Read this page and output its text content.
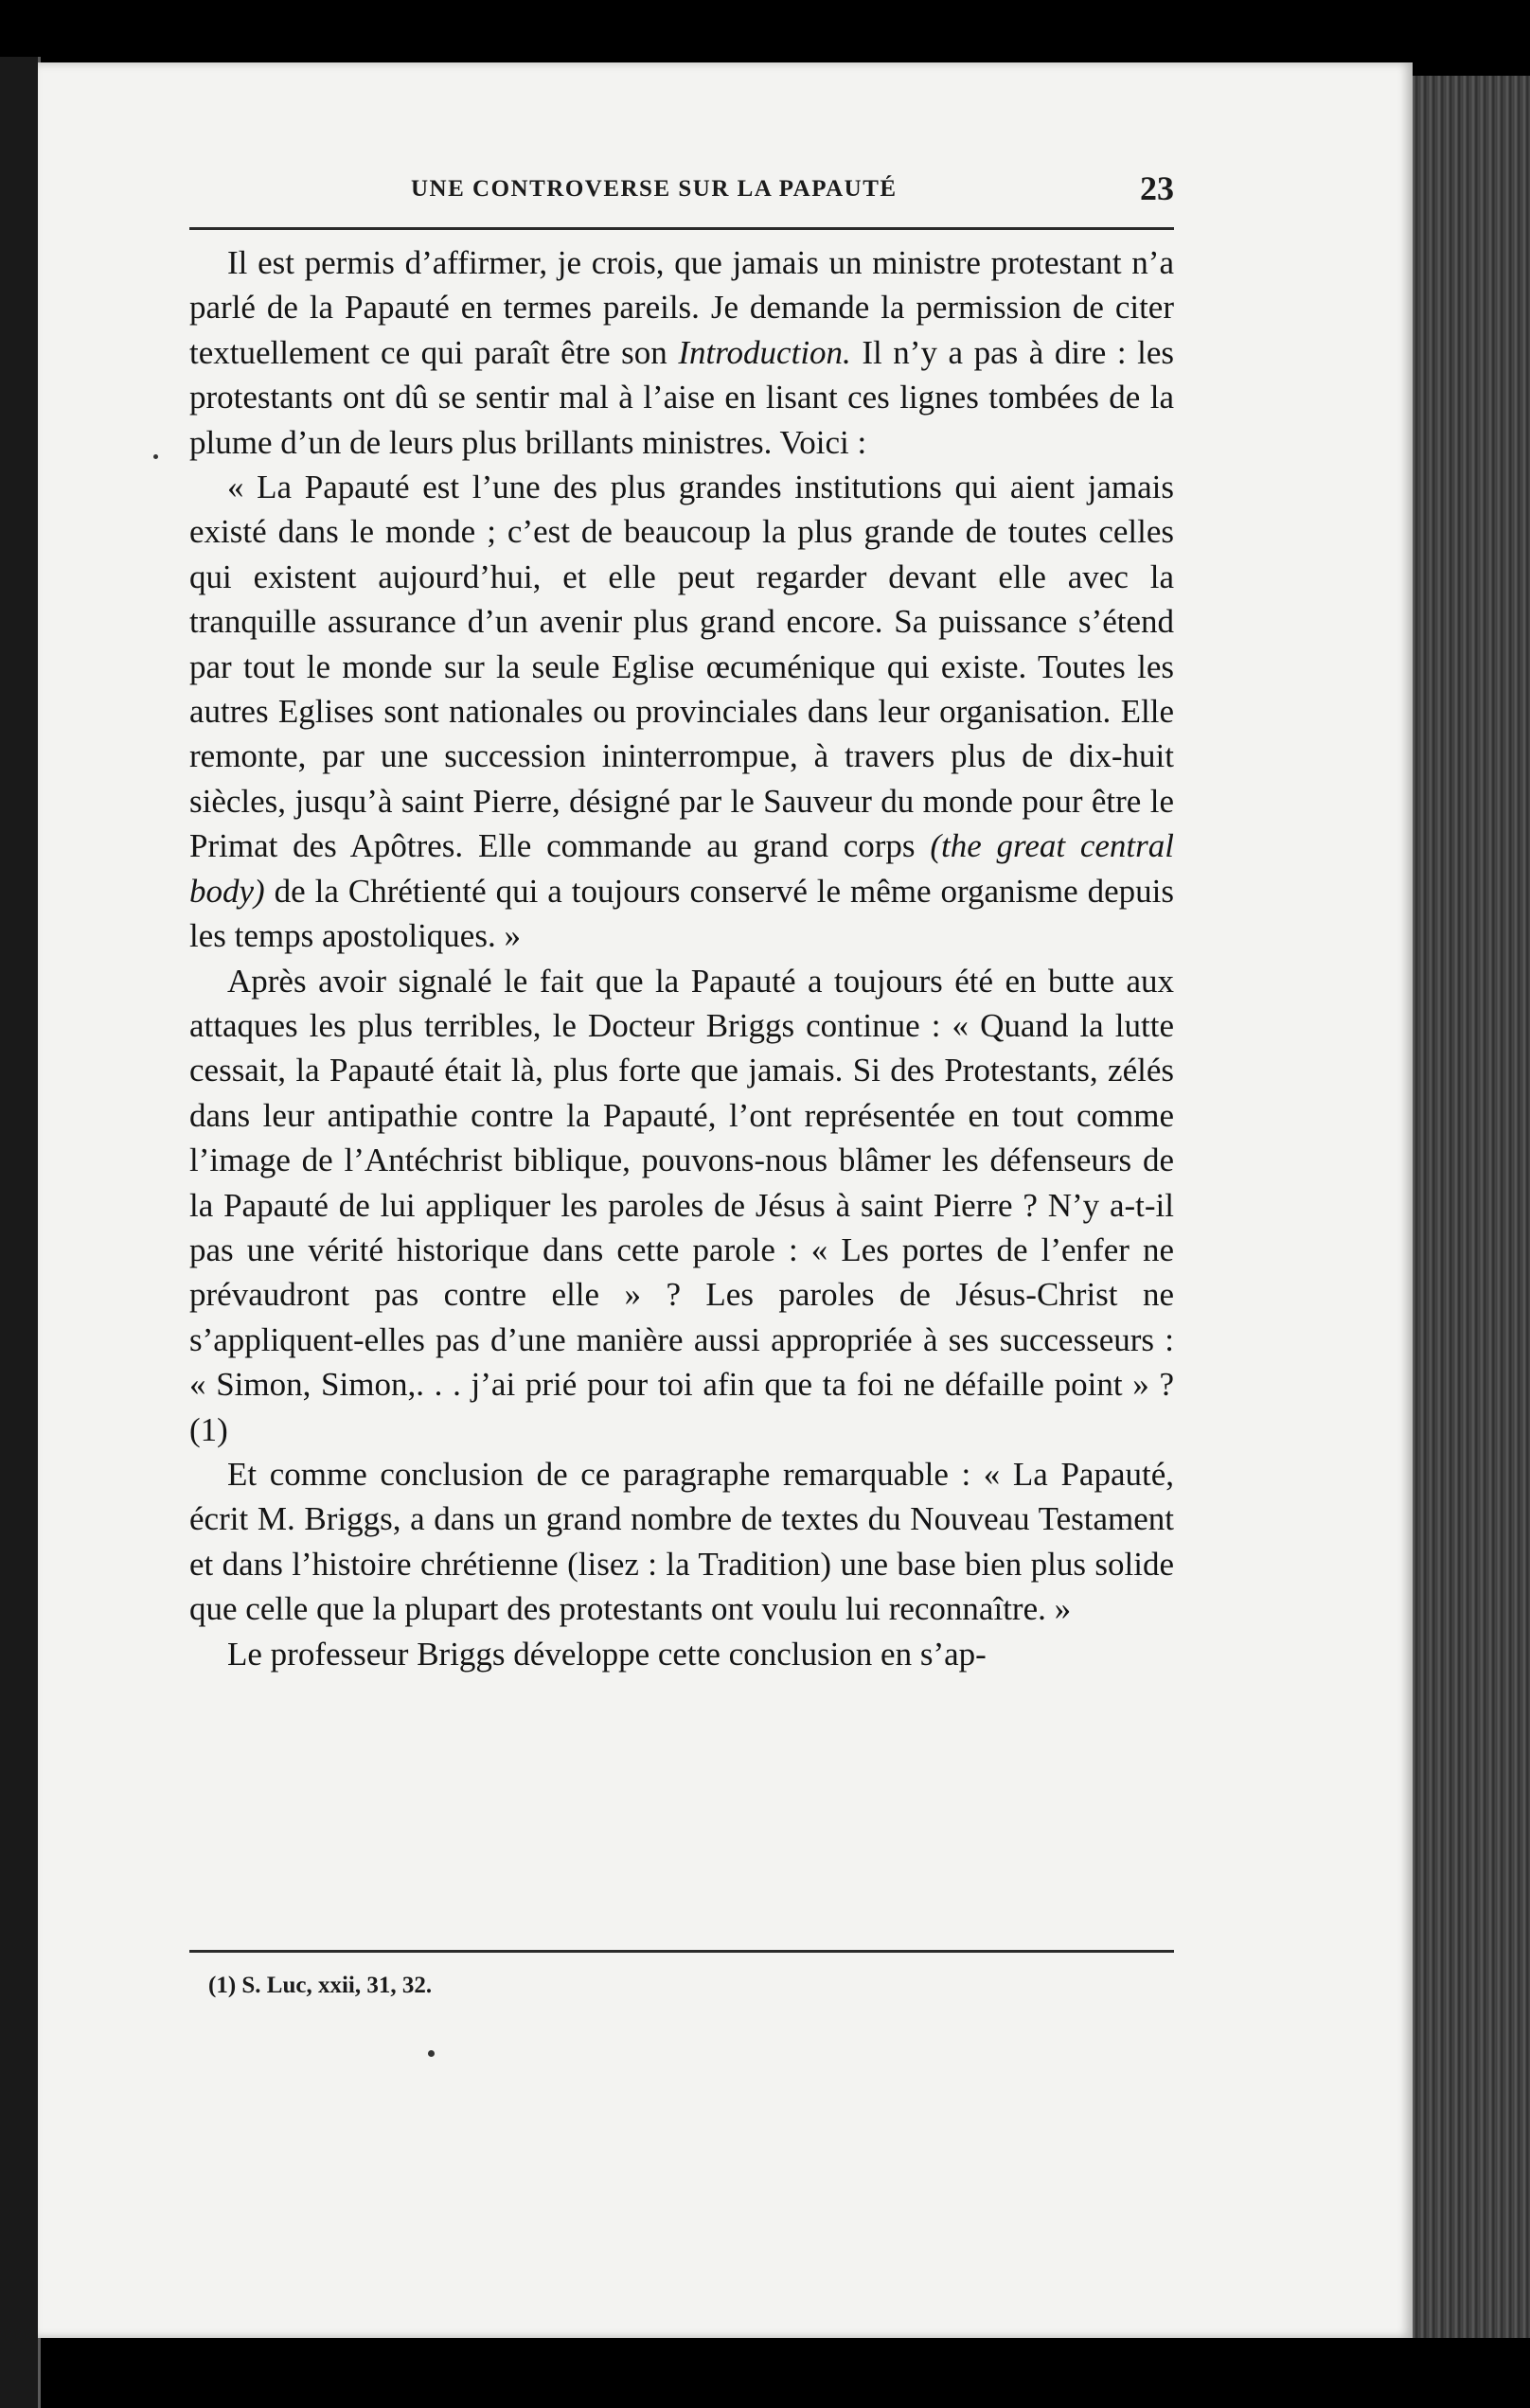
UNE CONTROVERSE SUR LA PAPAUTÉ	23

Il est permis d’affirmer, je crois, que jamais un ministre protestant n’a parlé de la Papauté en termes pareils. Je demande la permission de citer textuellement ce qui paraît être son Introduction. Il n’y a pas à dire : les protestants ont dû se sentir mal à l’aise en lisant ces lignes tombées de la plume d’un de leurs plus brillants ministres. Voici :

« La Papauté est l’une des plus grandes institutions qui aient jamais existé dans le monde ; c’est de beaucoup la plus grande de toutes celles qui existent aujourd’hui, et elle peut regarder devant elle avec la tranquille assurance d’un avenir plus grand encore. Sa puissance s’étend par tout le monde sur la seule Eglise œcuménique qui existe. Toutes les autres Eglises sont nationales ou provinciales dans leur organisation. Elle remonte, par une succession ininterrompue, à travers plus de dix-huit siècles, jusqu’à saint Pierre, désigné par le Sauveur du monde pour être le Primat des Apôtres. Elle commande au grand corps (the great central body) de la Chrétienté qui a toujours conservé le même organisme depuis les temps apostoliques. »

Après avoir signalé le fait que la Papauté a toujours été en butte aux attaques les plus terribles, le Docteur Briggs continue : « Quand la lutte cessait, la Papauté était là, plus forte que jamais. Si des Protestants, zélés dans leur antipathie contre la Papauté, l’ont représentée en tout comme l’image de l’Antéchrist biblique, pouvons-nous blâmer les défenseurs de la Papauté de lui appliquer les paroles de Jésus à saint Pierre ? N’y a-t-il pas une vérité historique dans cette parole : « Les portes de l’enfer ne prévaudront pas contre elle » ? Les paroles de Jésus-Christ ne s’appliquent-elles pas d’une manière aussi appropriée à ses successeurs : « Simon, Simon,. . . j’ai prié pour toi afin que ta foi ne défaille point » ? (1)

Et comme conclusion de ce paragraphe remarquable : « La Papauté, écrit M. Briggs, a dans un grand nombre de textes du Nouveau Testament et dans l’histoire chrétienne (lisez : la Tradition) une base bien plus solide que celle que la plupart des protestants ont voulu lui reconnaître. »

Le professeur Briggs développe cette conclusion en s’ap-

(1) S. Luc, xxii, 31, 32.
